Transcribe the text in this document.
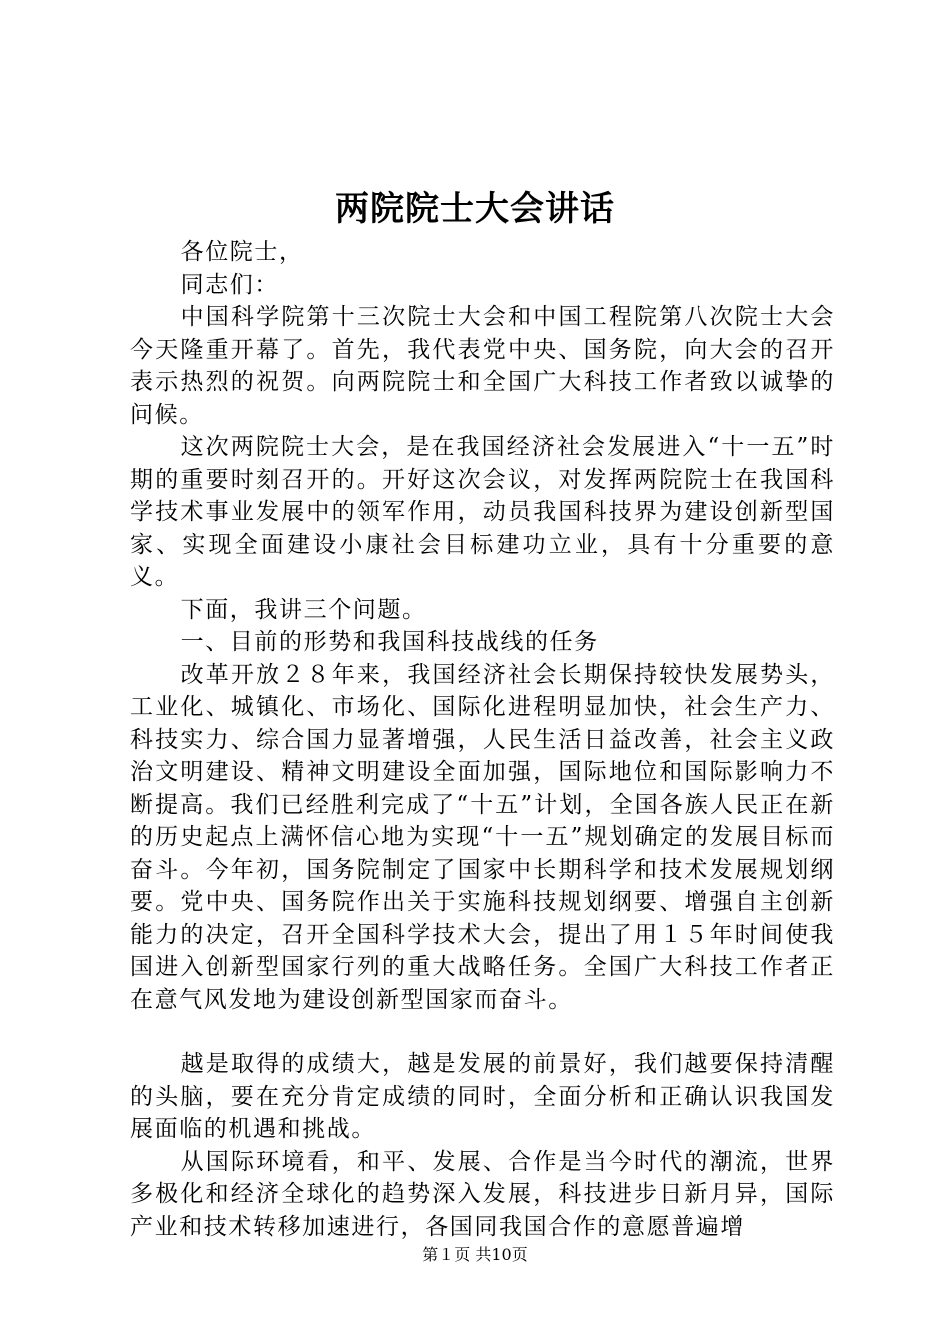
两院院士大会讲话

各位院士，

同志们：

中国科学院第十三次院士大会和中国工程院第八次院士大会今天隆重开幕了。首先，我代表党中央、国务院，向大会的召开表示热烈的祝贺。向两院院士和全国广大科技工作者致以诚挚的问候。

这次两院院士大会，是在我国经济社会发展进入“十一五”时期的重要时刻召开的。开好这次会议，对发挥两院院士在我国科学技术事业发展中的领军作用，动员我国科技界为建设创新型国家、实现全面建设小康社会目标建功立业，具有十分重要的意义。

下面，我讲三个问题。

一、目前的形势和我国科技战线的任务

改革开放２８年来，我国经济社会长期保持较快发展势头，工业化、城镇化、市场化、国际化进程明显加快，社会生产力、科技实力、综合国力显著增强，人民生活日益改善，社会主义政治文明建设、精神文明建设全面加强，国际地位和国际影响力不断提高。我们已经胜利完成了“十五”计划，全国各族人民正在新的历史起点上满怀信心地为实现“十一五”规划确定的发展目标而奋斗。今年初，国务院制定了国家中长期科学和技术发展规划纲要。党中央、国务院作出关于实施科技规划纲要、增强自主创新能力的决定，召开全国科学技术大会，提出了用１５年时间使我国进入创新型国家行列的重大战略任务。全国广大科技工作者正在意气风发地为建设创新型国家而奋斗。

越是取得的成绩大，越是发展的前景好，我们越要保持清醒的头脑，要在充分肯定成绩的同时，全面分析和正确认识我国发展面临的机遇和挑战。

从国际环境看，和平、发展、合作是当今时代的潮流，世界多极化和经济全球化的趋势深入发展，科技进步日新月异，国际产业和技术转移加速进行，各国同我国合作的意愿普遍增

第１页 共10页
